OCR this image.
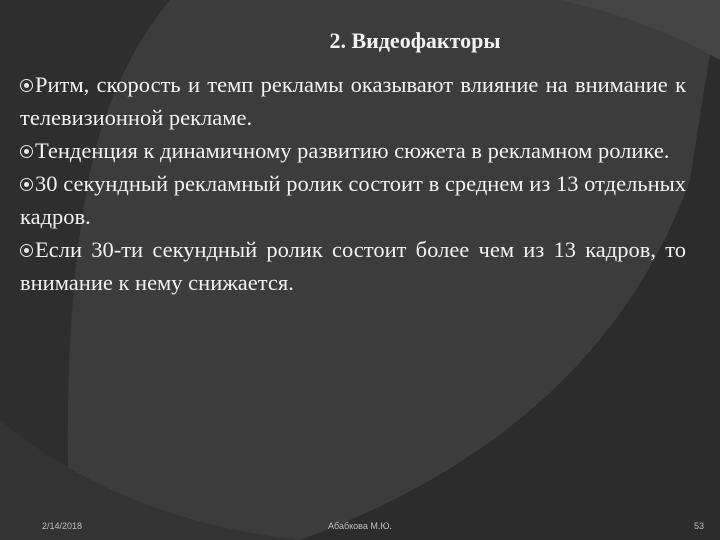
2. Видеофакторы

Ритм, скорость и темп рекламы оказывают влияние на внимание к телевизионной рекламе.

Тенденция к динамичному развитию сюжета в рекламном ролике.

30 секундный рекламный ролик состоит в среднем из 13 отдельных кадров.

Если 30-ти секундный ролик состоит более чем из 13 кадров, то внимание к нему снижается.

2/14/2018	Абабкова М.Ю.	53
